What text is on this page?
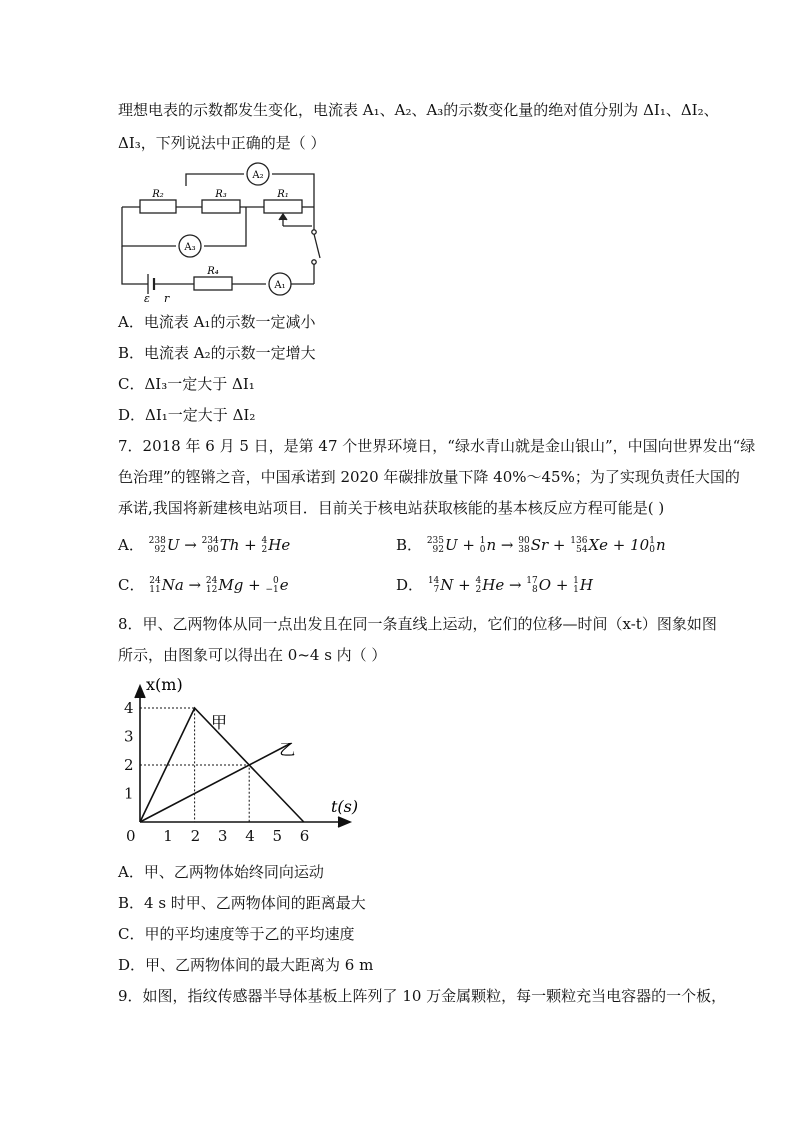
理想电表的示数都发生变化，电流表 A₁、A₂、A₃的示数变化量的绝对值分别为 ΔI₁、ΔI₂、
ΔI₃，下列说法中正确的是（ ）
R₂	R₃	R₁
R₄
A₂
A₃
A₁
ε r
A．电流表 A₁的示数一定减小
B．电流表 A₂的示数一定增大
C．ΔI₃一定大于 ΔI₁
D．ΔI₁一定大于 ΔI₂
7．2018 年 6 月 5 日，是第 47 个世界环境日，“绿水青山就是金山银山”，中国向世界发出“绿
色治理”的铿锵之音，中国承诺到 2020 年碳排放量下降 40%～45%；为了实现负责任大国的
承诺,我国将新建核电站项目．目前关于核电站获取核能的基本核反应方程可能是( )
A． 238
92 U → 234
90 Th + 4
2 He	B． 235
92 U + 1
0 n → 90
38 Sr + 136
54 Xe + 10 1
0 n
C． 24
11 Na → 24
12 Mg + 0
−1 e	D． 14
7 N + 4
2 He → 17
8 O + 1
1 H
8．甲、乙两物体从同一点出发且在同一条直线上运动，它们的位移—时间（x-t）图象如图
所示，由图象可以得出在 0~4 s 内（ ）
0 1 2 3 4 5 6
1
2
3
4
x(m)
t(s)
甲
乙
A．甲、乙两物体始终同向运动
B．4 s 时甲、乙两物体间的距离最大
C．甲的平均速度等于乙的平均速度
D．甲、乙两物体间的最大距离为 6 m
9．如图，指纹传感器半导体基板上阵列了 10 万金属颗粒，每一颗粒充当电容器的一个板，
